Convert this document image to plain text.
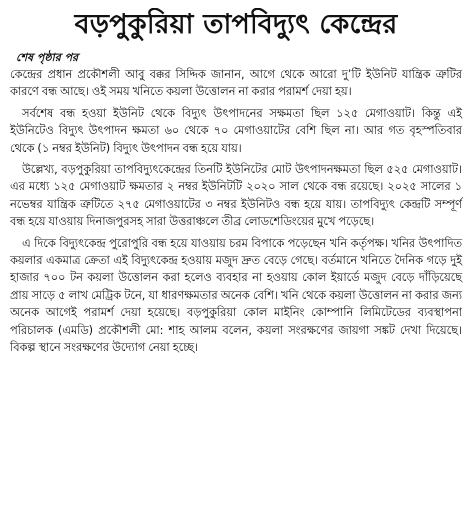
বড়পুকুরিয়া তাপবিদ্যুৎ কেন্দ্রের
শেষ পৃষ্ঠার পর

কেন্দ্রের প্রধান প্রকৌশলী আবু বক্কর সিদ্দিক জানান, আগে থেকে আরো দু’টি ইউনিট যান্ত্রিক ত্রুটির কারণে বন্ধ আছে। ওই সময় খনিতে কয়লা উত্তোলন না করার পরামর্শ দেয়া হয়।

সর্বশেষ বন্ধ হওয়া ইউনিট থেকে বিদ্যুৎ উৎপাদনের সক্ষমতা ছিল ১২৫ মেগাওয়াট। কিন্তু এই ইউনিটেও বিদ্যুৎ উৎপাদন ক্ষমতা ৬০ থেকে ৭০ মেগাওয়াটের বেশি ছিল না। আর গত বৃহস্পতিবার থেকে (১ নম্বর ইউনিট) বিদ্যুৎ উৎপাদন বন্ধ হয়ে যায়।

উল্লেখ্য, বড়পুকুরিয়া তাপবিদ্যুৎকেন্দ্রের তিনটি ইউনিটের মোট উৎপাদনক্ষমতা ছিল ৫২৫ মেগাওয়াট। এর মধ্যে ১২৫ মেগাওয়াট ক্ষমতার ২ নম্বর ইউনিটটি ২০২০ সাল থেকে বন্ধ রয়েছে। ২০২৫ সালের ১ নভেম্বর যান্ত্রিক ত্রুটিতে ২৭৫ মেগাওয়াটের ৩ নম্বর ইউনিটও বন্ধ হয়ে যায়। তাপবিদ্যুৎ কেন্দ্রটি সম্পূর্ণ বন্ধ হয়ে যাওয়ায় দিনাজপুরসহ সারা উত্তরাঞ্চলে তীব্র লোডশেডিংয়ের মুখে পড়েছে।

এ দিকে বিদ্যুৎকেন্দ্র পুরোপুরি বন্ধ হয়ে যাওয়ায় চরম বিপাকে পড়েছেন খনি কর্তৃপক্ষ। খনির উৎপাদিত কয়লার একমাত্র ক্রেতা এই বিদ্যুৎকেন্দ্র হওয়ায় মজুদ দ্রুত বেড়ে গেছে। বর্তমানে খনিতে দৈনিক গড়ে দুই হাজার ৭০০ টন কয়লা উত্তোলন করা হলেও ব্যবহার না হওয়ায় কোল ইয়ার্ডে মজুদ বেড়ে দাঁড়িয়েছে প্রায় সাড়ে ৫ লাখ মেট্রিক টনে, যা ধারণক্ষমতার অনেক বেশি। খনি থেকে কয়লা উত্তোলন না করার জন্য অনেক আগেই পরামর্শ দেয়া হয়েছে। বড়পুকুরিয়া কোল মাইনিং কোম্পানি লিমিটেডের ব্যবস্থাপনা পরিচালক (এমডি) প্রকৌশলী মো: শাহ আলম বলেন, কয়লা সংরক্ষণের জায়গা সঙ্কট দেখা দিয়েছে। বিকল্প স্থানে সংরক্ষণের উদ্যোগ নেয়া হচ্ছে।
